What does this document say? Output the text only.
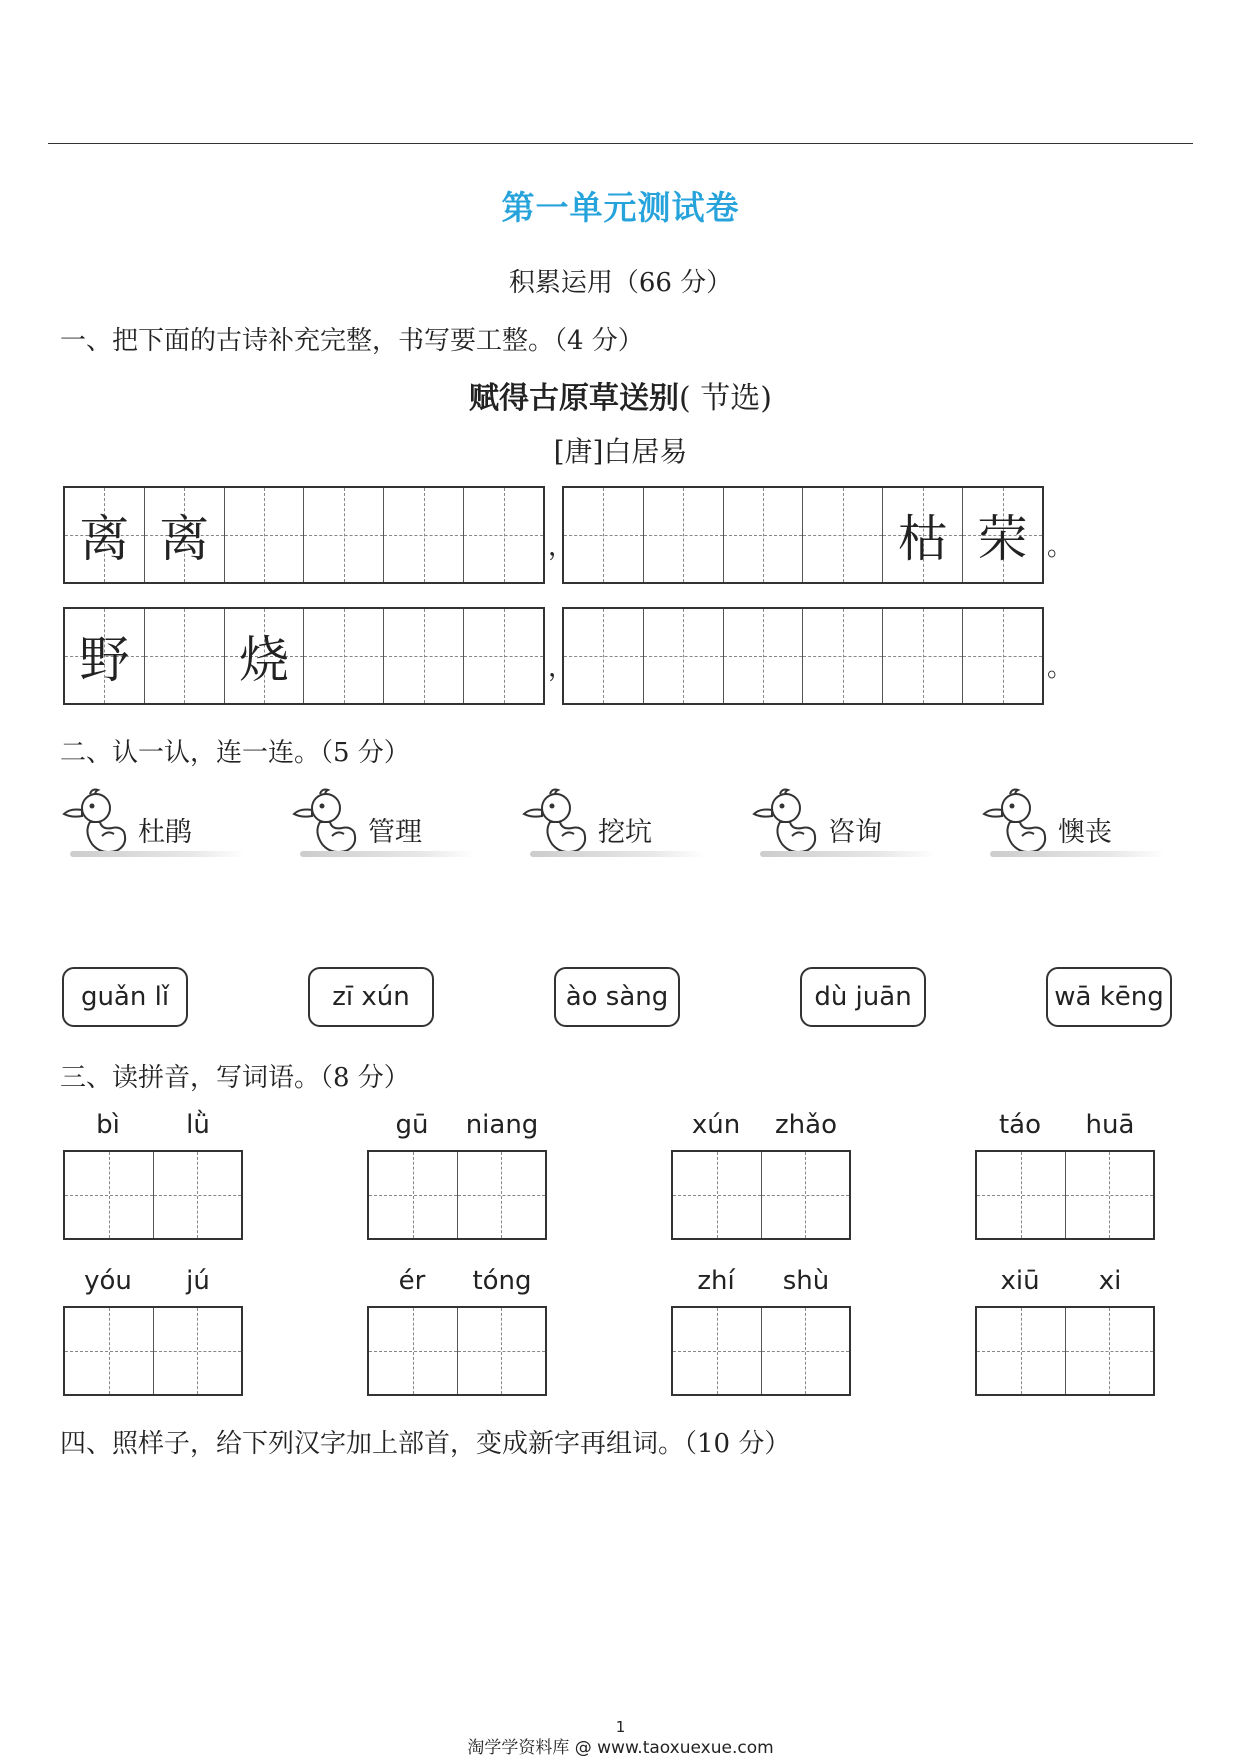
第一单元测试卷
积累运用（66 分）
一、把下面的古诗补充完整，书写要工整。（4 分）
赋得古原草送别( 节选)
[唐]白居易
离 离	，	枯 荣 。
野 烧	，	。
二、认一认，连一连。（5 分）
杜鹃	管理	挖坑	咨询	懊丧
guǎn lǐ	zī xún	ào sàng	dù juān	wā kēng
三、读拼音，写词语。（8 分）
bì	lǜ	gū	niang	xún	zhǎo	táo	huā
yóu	jú	ér	tóng	zhí	shù	xiū	xi
四、照样子，给下列汉字加上部首，变成新字再组词。（10 分）
1
淘学学资料库 @ www.taoxuexue.com
